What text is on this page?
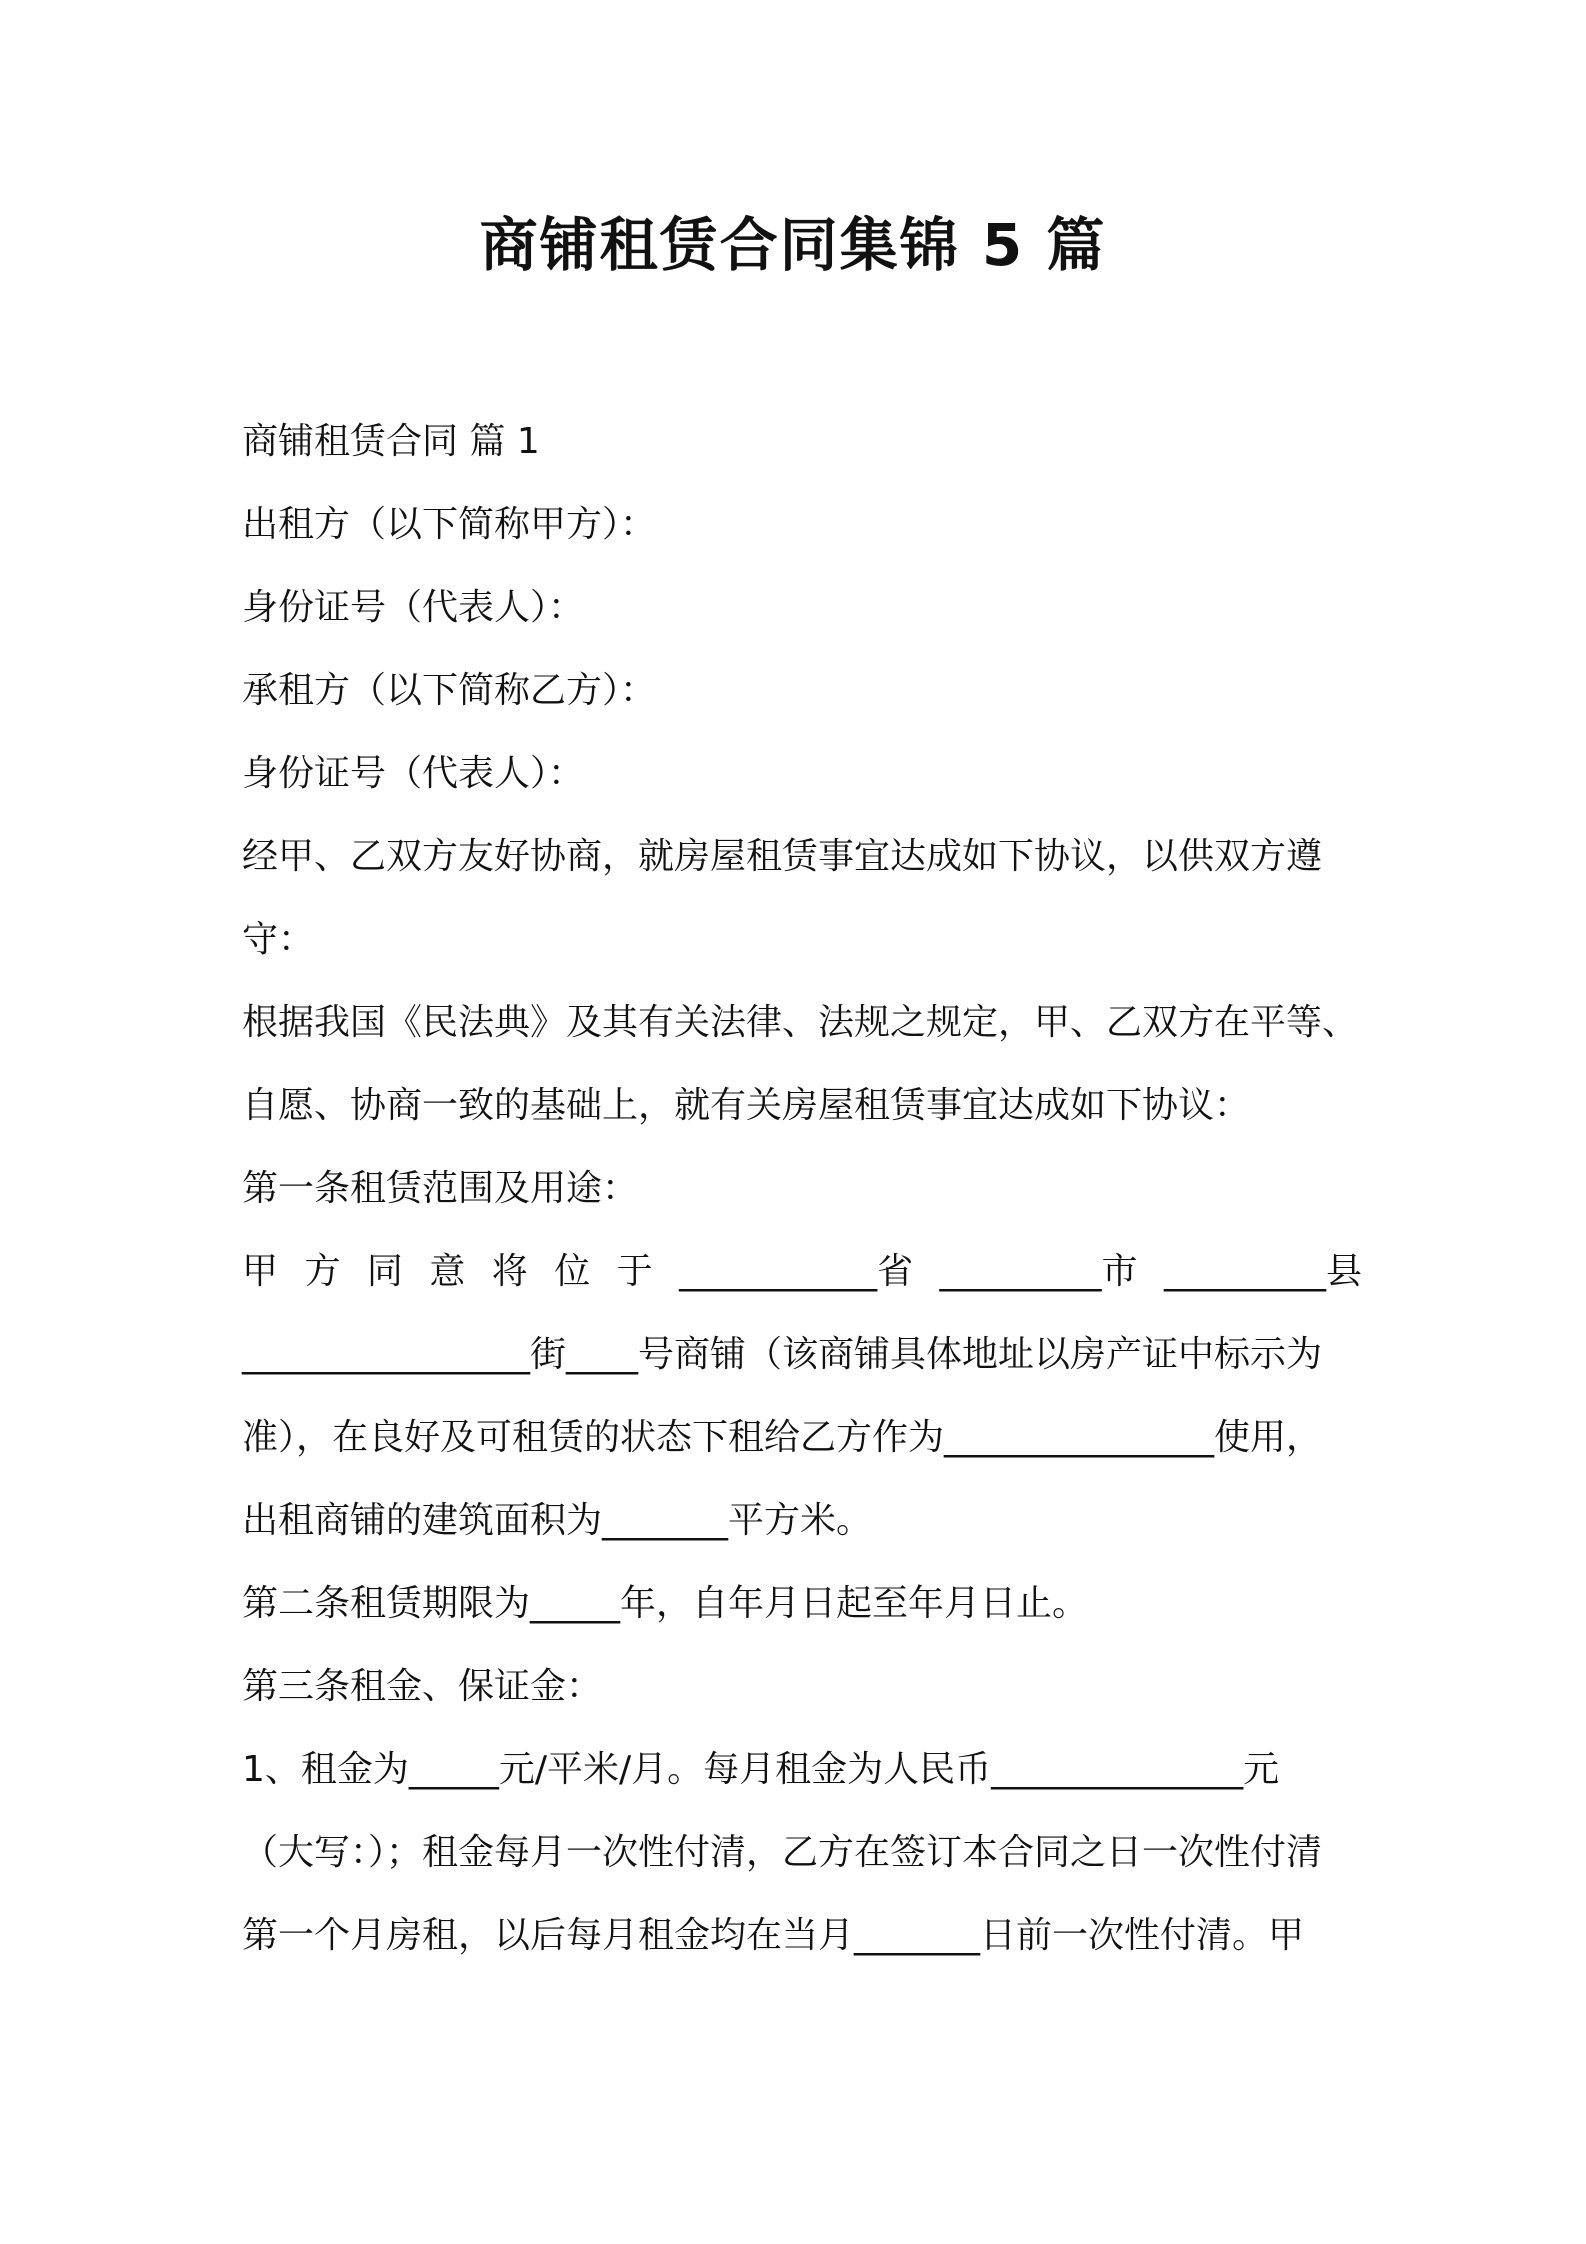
商铺租赁合同集锦 5 篇
商铺租赁合同 篇 1
出租方（以下简称甲方）：
身份证号（代表人）：
承租方（以下简称乙方）：
身份证号（代表人）：
经甲、乙双方友好协商，就房屋租赁事宜达成如下协议，以供双方遵
守：
根据我国《民法典》及其有关法律、法规之规定，甲、乙双方在平等、
自愿、协商一致的基础上，就有关房屋租赁事宜达成如下协议：
第一条租赁范围及用途：
甲 方 同 意 将 位 于 ___________省 _________市 _________县
________________街____号商铺（该商铺具体地址以房产证中标示为
准），在良好及可租赁的状态下租给乙方作为_______________使用，
出租商铺的建筑面积为_______平方米。
第二条租赁期限为_____年，自年月日起至年月日止。
第三条租金、保证金：
1、租金为_____元/平米/月。每月租金为人民币______________元
（大写：）；租金每月一次性付清，乙方在签订本合同之日一次性付清
第一个月房租，以后每月租金均在当月_______日前一次性付清。甲
